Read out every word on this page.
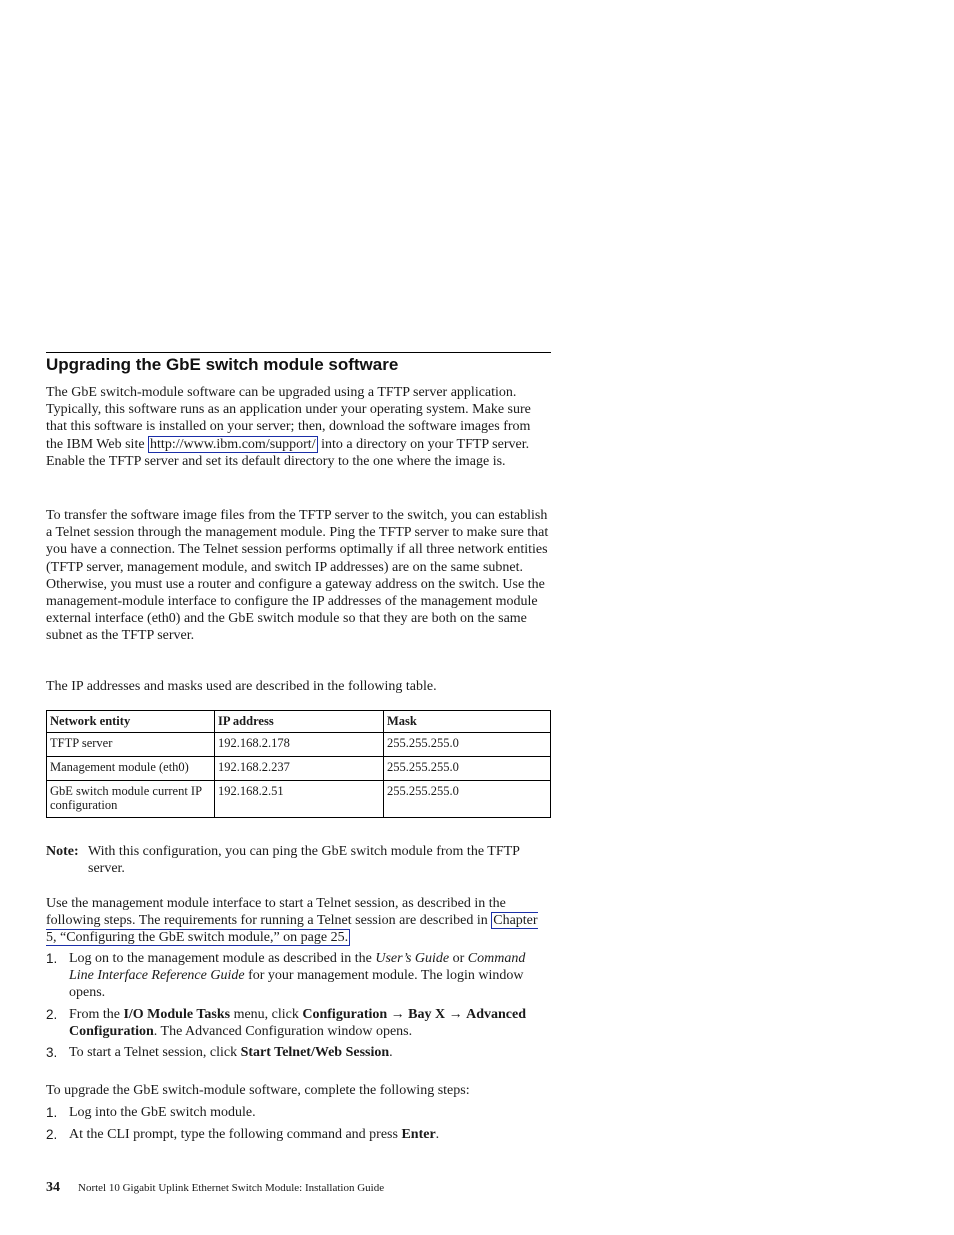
Upgrading the GbE switch module software

The GbE switch-module software can be upgraded using a TFTP server application. Typically, this software runs as an application under your operating system. Make sure that this software is installed on your server; then, download the software images from the IBM Web site http://www.ibm.com/support/ into a directory on your TFTP server. Enable the TFTP server and set its default directory to the one where the image is.

To transfer the software image files from the TFTP server to the switch, you can establish a Telnet session through the management module. Ping the TFTP server to make sure that you have a connection. The Telnet session performs optimally if all three network entities (TFTP server, management module, and switch IP addresses) are on the same subnet. Otherwise, you must use a router and configure a gateway address on the switch. Use the management-module interface to configure the IP addresses of the management module external interface (eth0) and the GbE switch module so that they are both on the same subnet as the TFTP server.

The IP addresses and masks used are described in the following table.

Network entity	IP address	Mask
TFTP server	192.168.2.178	255.255.255.0
Management module (eth0)	192.168.2.237	255.255.255.0
GbE switch module current IP configuration	192.168.2.51	255.255.255.0
Note: With this configuration, you can ping the GbE switch module from the TFTP server.

Use the management module interface to start a Telnet session, as described in the following steps. The requirements for running a Telnet session are described in Chapter 5, “Configuring the GbE switch module,” on page 25.

1. Log on to the management module as described in the User’s Guide or Command Line Interface Reference Guide for your management module. The login window opens.
2. From the I/O Module Tasks menu, click Configuration → Bay X → Advanced Configuration. The Advanced Configuration window opens.
3. To start a Telnet session, click Start Telnet/Web Session.

To upgrade the GbE switch-module software, complete the following steps:

1. Log into the GbE switch module.
2. At the CLI prompt, type the following command and press Enter.
34 Nortel 10 Gigabit Uplink Ethernet Switch Module: Installation Guide
